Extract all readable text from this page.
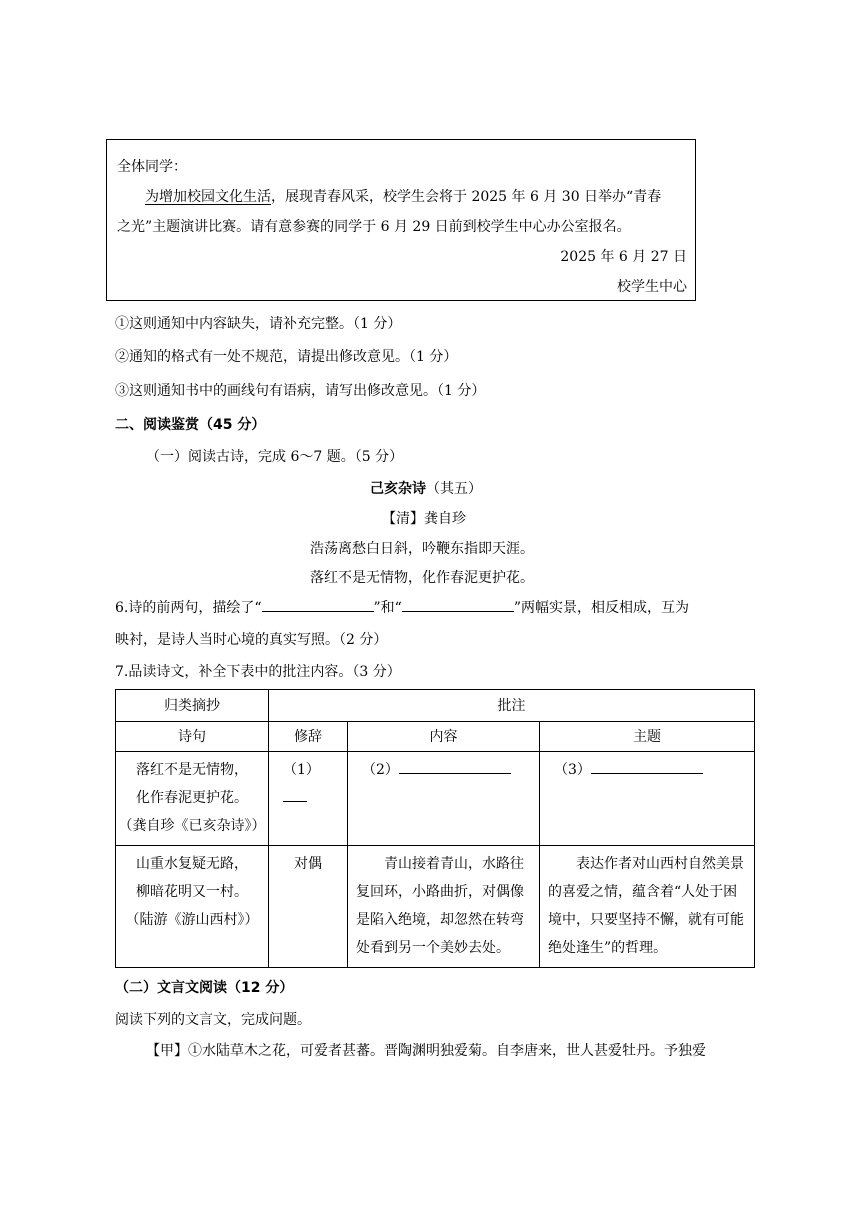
全体同学：
为增加校园文化生活，展现青春风采，校学生会将于 2025 年 6 月 30 日举办“青春
之光”主题演讲比赛。请有意参赛的同学于 6 月 29 日前到校学生中心办公室报名。
2025 年 6 月 27 日
校学生中心
①这则通知中内容缺失，请补充完整。（1 分）
②通知的格式有一处不规范，请提出修改意见。（1 分）
③这则通知书中的画线句有语病，请写出修改意见。（1 分）
二、阅读鉴赏（45 分）
（一）阅读古诗，完成 6～7 题。（5 分）
己亥杂诗（其五）
【清】龚自珍
浩荡离愁白日斜，吟鞭东指即天涯。
落红不是无情物，化作春泥更护花。
6.诗的前两句，描绘了“	”和“	”两幅实景，相反相成，互为
映衬，是诗人当时心境的真实写照。（2 分）
7.品读诗文，补全下表中的批注内容。（3 分）
归类摘抄	批注		
诗句	修辞	内容	主题

落红不是无情物，
化作春泥更护花。
（龚自珍《已亥杂诗》）	（1）	（2）	（3）

山重水复疑无路，
柳暗花明又一村。
（陆游《游山西村》）	对偶	青山接着青山，水路往复回环，小路曲折，对偶像是陷入绝境，却忽然在转弯处看到另一个美妙去处。	表达作者对山西村自然美景的喜爱之情，蕴含着“人处于困境中，只要坚持不懈，就有可能绝处逢生”的哲理。
（二）文言文阅读（12 分）
阅读下列的文言文，完成问题。
【甲】①水陆草木之花，可爱者甚蕃。晋陶渊明独爱菊。自李唐来，世人甚爱牡丹。予独爱
